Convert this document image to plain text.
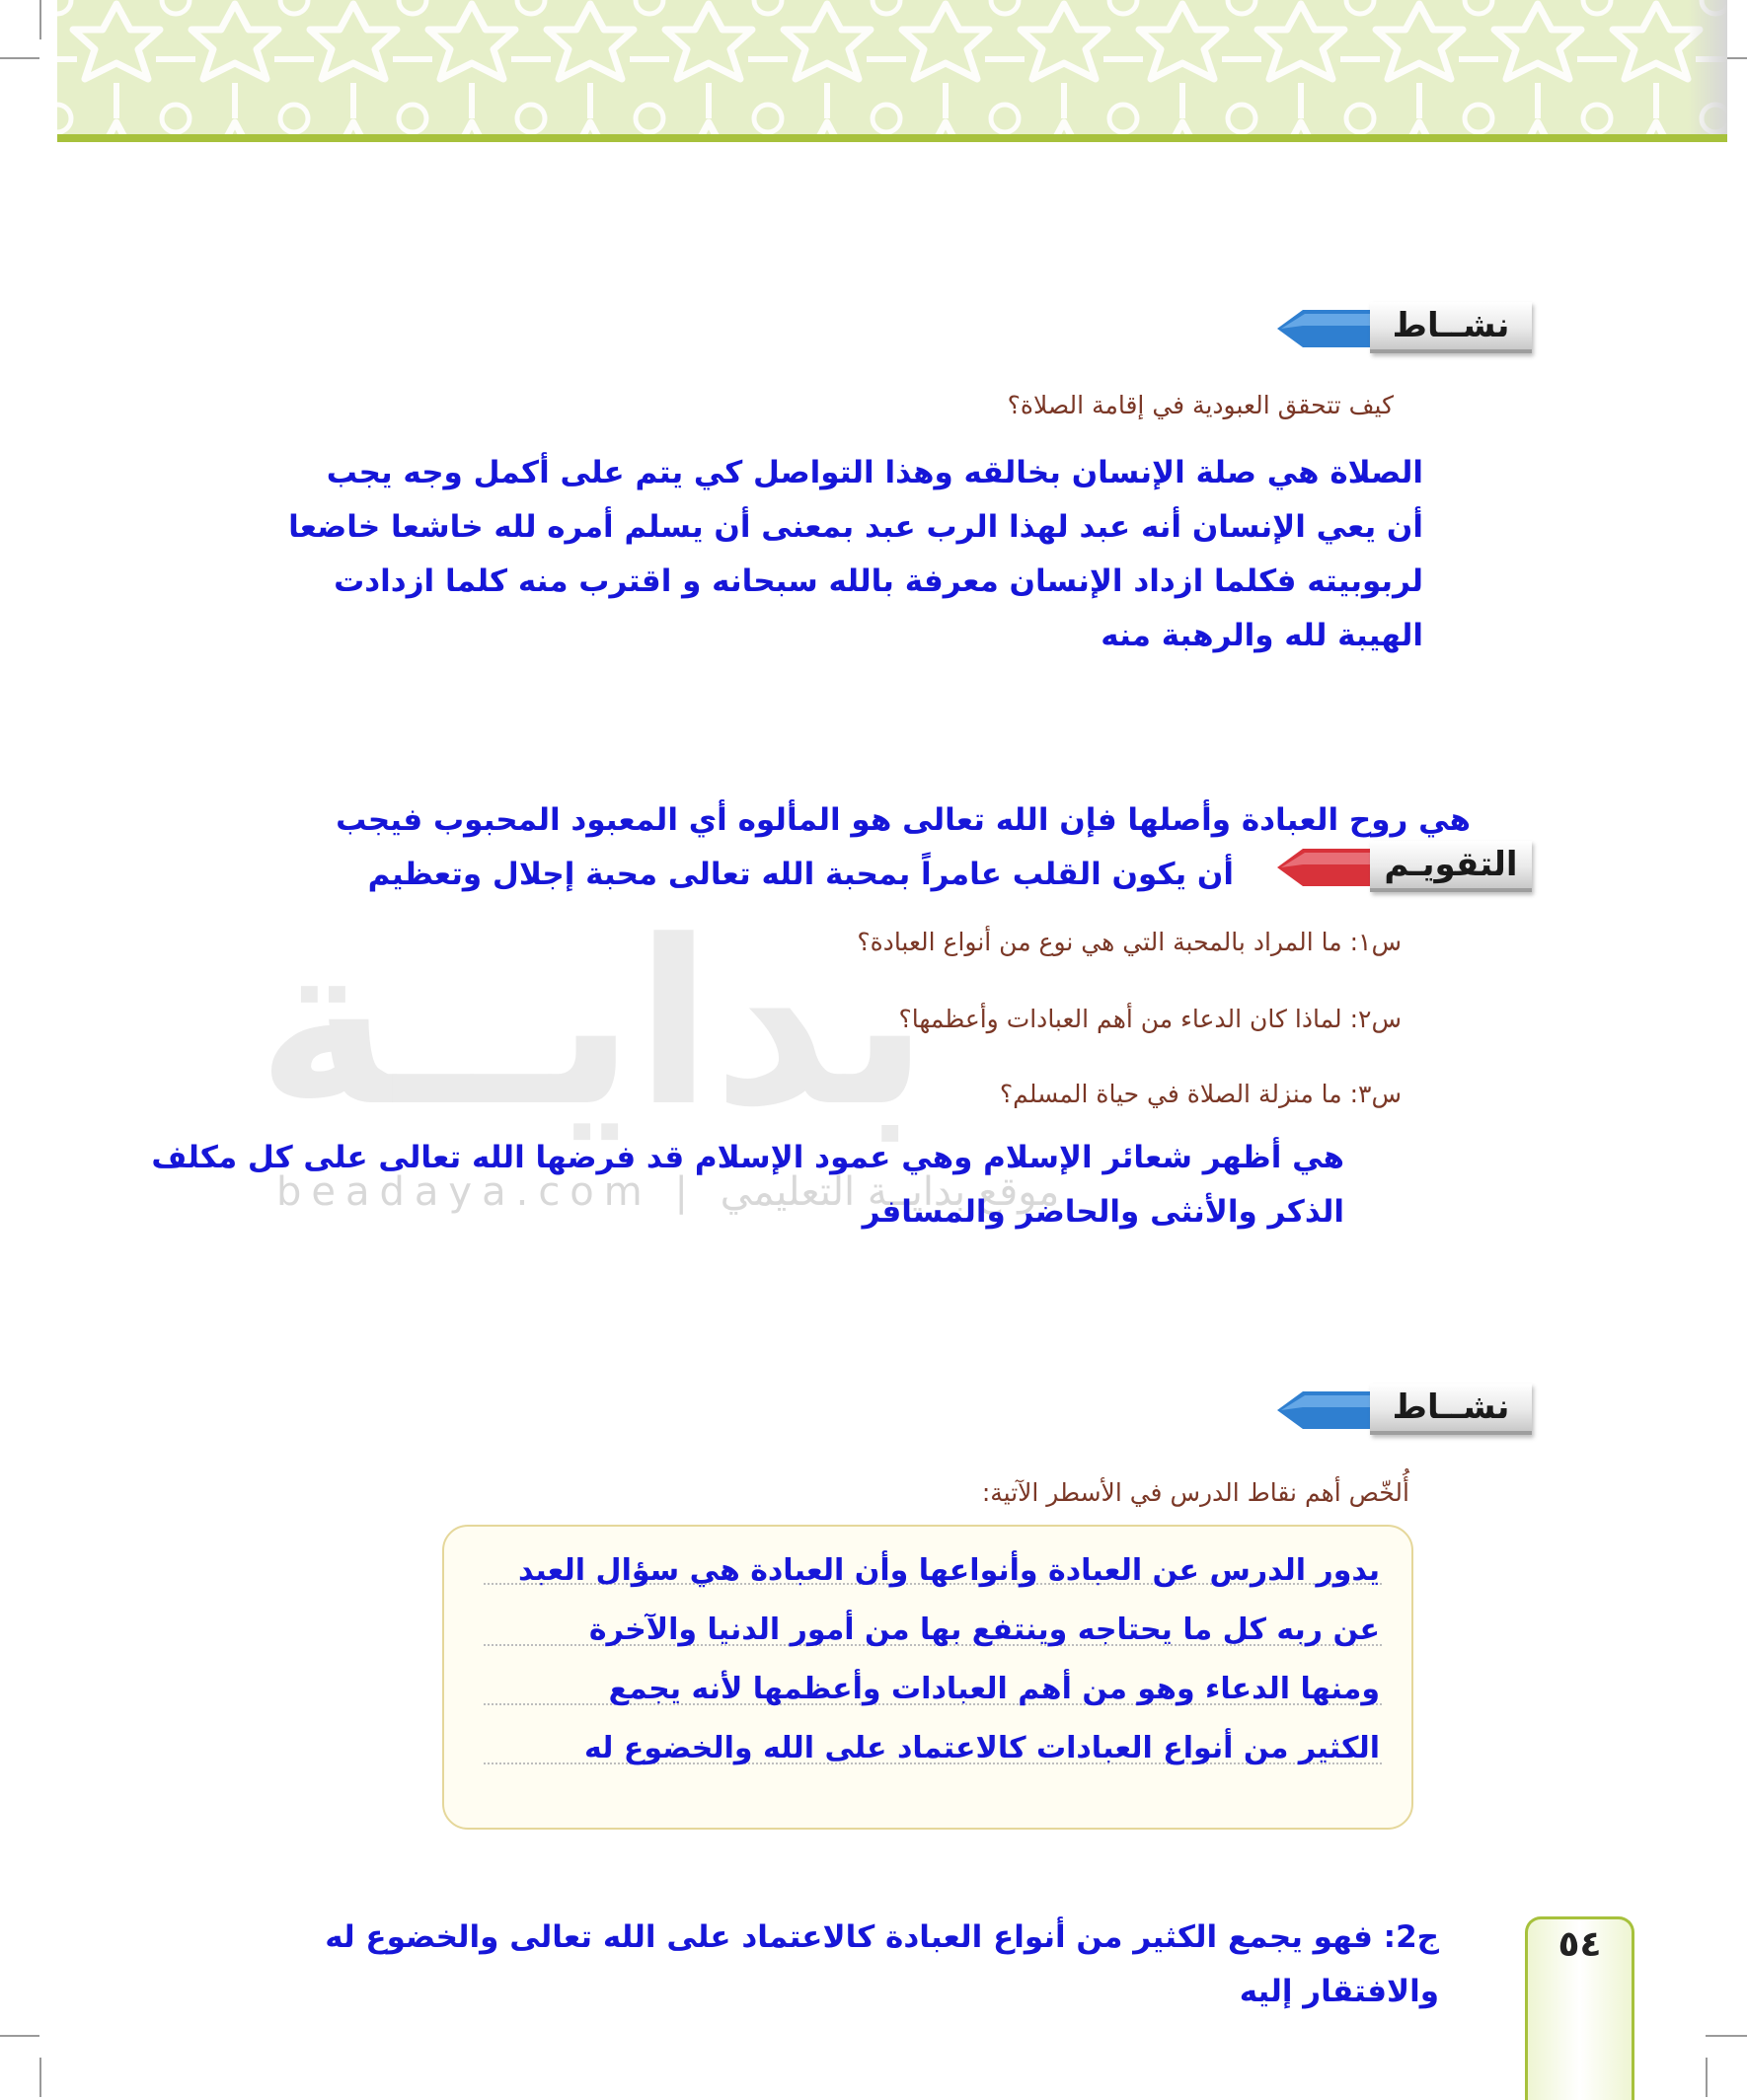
بدايــة
beadaya.com | موقع بدايــة التعليمي
نشــاط
كيف تتحقق العبودية في إقامة الصلاة؟
الصلاة هي صلة الإنسان بخالقه وهذا التواصل كي يتم على أكمل وجه يجب
أن يعي الإنسان أنه عبد لهذا الرب عبد بمعنى أن يسلم أمره لله خاشعا خاضعا
لربوبيته فكلما ازداد الإنسان معرفة بالله سبحانه و اقترب منه كلما ازدادت
الهيبة لله والرهبة منه
هي روح العبادة وأصلها فإن الله تعالى هو المألوه أي المعبود المحبوب فيجب
أن يكون القلب عامراً بمحبة الله تعالى محبة إجلال وتعظيم	التقويـم
س١: ما المراد بالمحبة التي هي نوع من أنواع العبادة؟
س٢: لماذا كان الدعاء من أهم العبادات وأعظمها؟
س٣: ما منزلة الصلاة في حياة المسلم؟
هي أظهر شعائر الإسلام وهي عمود الإسلام قد فرضها الله تعالى على كل مكلف
الذكر والأنثى والحاضر والمسافر
نشــاط
أُلخّص أهم نقاط الدرس في الأسطر الآتية:
يدور الدرس عن العبادة وأنواعها وأن العبادة هي سؤال العبد
عن ربه كل ما يحتاجه وينتفع بها من أمور الدنيا والآخرة
ومنها الدعاء وهو من أهم العبادات وأعظمها لأنه يجمع
الكثير من أنواع العبادات كالاعتماد على الله والخضوع له
ج2: فهو يجمع الكثير من أنواع العبادة كالاعتماد على الله تعالى والخضوع له
والافتقار إليه
٥٤
